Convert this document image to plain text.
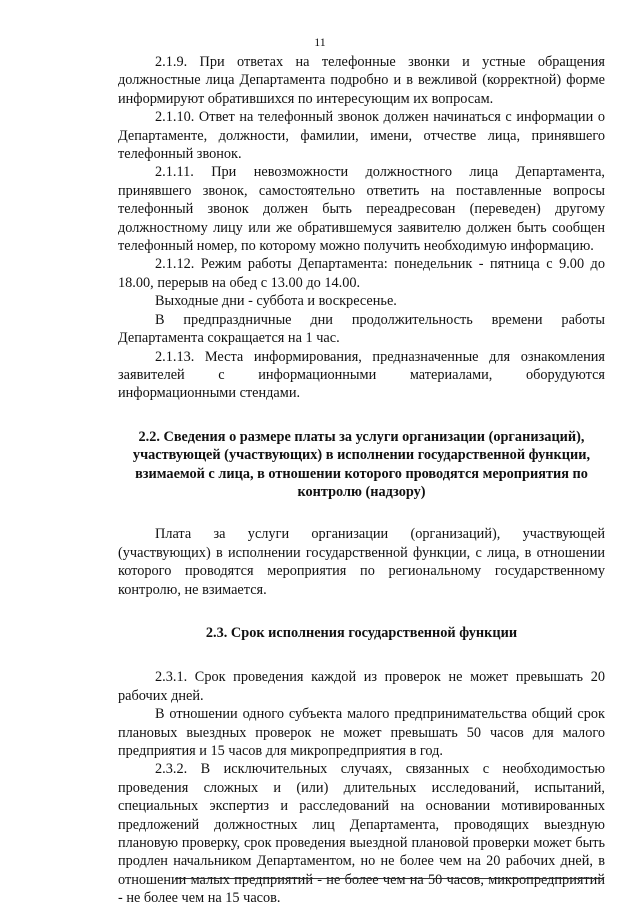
11

2.1.9. При ответах на телефонные звонки и устные обращения должностные лица Департамента подробно и в вежливой (корректной) форме информируют обратившихся по интересующим их вопросам.

2.1.10. Ответ на телефонный звонок должен начинаться с информации о Департаменте, должности, фамилии, имени, отчестве лица, принявшего телефонный звонок.

2.1.11. При невозможности должностного лица Департамента, принявшего звонок, самостоятельно ответить на поставленные вопросы телефонный звонок должен быть переадресован (переведен) другому должностному лицу или же обратившемуся заявителю должен быть сообщен телефонный номер, по которому можно получить необходимую информацию.

2.1.12. Режим работы Департамента: понедельник - пятница с 9.00 до 18.00, перерыв на обед с 13.00 до 14.00.

Выходные дни - суббота и воскресенье.

В предпраздничные дни продолжительность времени работы Департамента сокращается на 1 час.

2.1.13. Места информирования, предназначенные для ознакомления заявителей с информационными материалами, оборудуются информационными стендами.

2.2. Сведения о размере платы за услуги организации (организаций), участвующей (участвующих) в исполнении государственной функции, взимаемой с лица, в отношении которого проводятся мероприятия по контролю (надзору)

Плата за услуги организации (организаций), участвующей (участвующих) в исполнении государственной функции, с лица, в отношении которого проводятся мероприятия по региональному государственному контролю, не взимается.

2.3. Срок исполнения государственной функции

2.3.1. Срок проведения каждой из проверок не может превышать 20 рабочих дней.

В отношении одного субъекта малого предпринимательства общий срок плановых выездных проверок не может превышать 50 часов для малого предприятия и 15 часов для микропредприятия в год.

2.3.2. В исключительных случаях, связанных с необходимостью проведения сложных и (или) длительных исследований, испытаний, специальных экспертиз и расследований на основании мотивированных предложений должностных лиц Департамента, проводящих выездную плановую проверку, срок проведения выездной плановой проверки может быть продлен начальником Департаментом, но не более чем на 20 рабочих дней, в отношении малых предприятий - не более чем на 50 часов, микропредприятий - не более чем на 15 часов.
